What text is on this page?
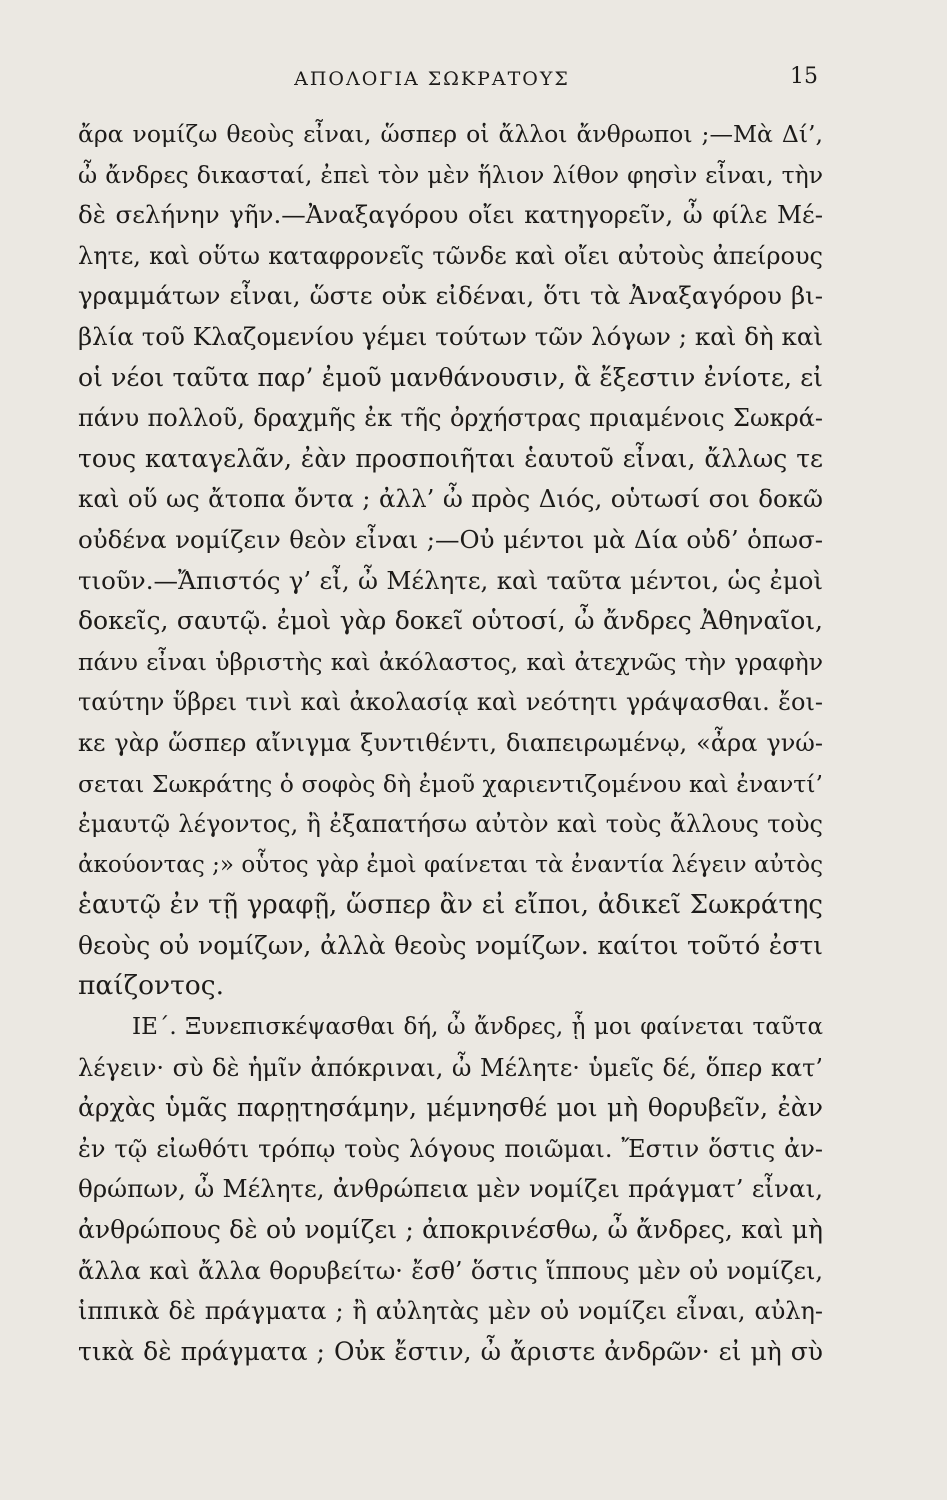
ΑΠΟΛΟΓΙΑ ΣΩΚΡΑΤΟΥΣ	15
ἄρα νομίζω θεοὺς εἶναι, ὥσπερ οἱ ἄλλοι ἄνθρωποι ;—Μὰ Δί’,
ὦ ἄνδρες δικασταί, ἐπεὶ τὸν μὲν ἥλιον λίθον φησὶν εἶναι, τὴν
δὲ σελήνην γῆν.—Ἀναξαγόρου οἴει κατηγορεῖν, ὦ φίλε Μέ-
λητε, καὶ οὕτω καταφρονεῖς τῶνδε καὶ οἴει αὐτοὺς ἀπείρους
γραμμάτων εἶναι, ὥστε οὐκ εἰδέναι, ὅτι τὰ Ἀναξαγόρου βι-
βλία τοῦ Κλαζομενίου γέμει τούτων τῶν λόγων ; καὶ δὴ καὶ
οἱ νέοι ταῦτα παρ’ ἐμοῦ μανθάνουσιν, ἃ ἔξεστιν ἐνίοτε, εἰ
πάνυ πολλοῦ, δραχμῆς ἐκ τῆς ὀρχήστρας πριαμένοις Σωκρά-
τους καταγελᾶν, ἐὰν προσποιῆται ἑαυτοῦ εἶναι, ἄλλως τε
καὶ οὕ ως ἄτοπα ὄντα ; ἀλλ’ ὦ πρὸς Διός, οὑτωσί σοι δοκῶ
οὐδένα νομίζειν θεὸν εἶναι ;—Οὐ μέντοι μὰ Δία οὐδ’ ὁπωσ-
τιοῦν.—Ἄπιστός γ’ εἶ, ὦ Μέλητε, καὶ ταῦτα μέντοι, ὡς ἐμοὶ
δοκεῖς, σαυτῷ. ἐμοὶ γὰρ δοκεῖ οὑτοσί, ὦ ἄνδρες Ἀθηναῖοι,
πάνυ εἶναι ὑβριστὴς καὶ ἀκόλαστος, καὶ ἀτεχνῶς τὴν γραφὴν
ταύτην ὕβρει τινὶ καὶ ἀκολασίᾳ καὶ νεότητι γράψασθαι. ἔοι-
κε γὰρ ὥσπερ αἴνιγμα ξυντιθέντι, διαπειρωμένῳ, «ἆρα γνώ-
σεται Σωκράτης ὁ σοφὸς δὴ ἐμοῦ χαριεντιζομένου καὶ ἐναντί’
ἐμαυτῷ λέγοντος, ἢ ἐξαπατήσω αὐτὸν καὶ τοὺς ἄλλους τοὺς
ἀκούοντας ;» οὗτος γὰρ ἐμοὶ φαίνεται τὰ ἐναντία λέγειν αὐτὸς
ἑαυτῷ ἐν τῇ γραφῇ, ὥσπερ ἂν εἰ εἴποι, ἀδικεῖ Σωκράτης
θεοὺς οὐ νομίζων, ἀλλὰ θεοὺς νομίζων. καίτοι τοῦτό ἐστι
παίζοντος.
ΙΕ΄. Ξυνεπισκέψασθαι δή, ὦ ἄνδρες, ᾗ μοι φαίνεται ταῦτα
λέγειν· σὺ δὲ ἡμῖν ἀπόκριναι, ὦ Μέλητε· ὑμεῖς δέ, ὅπερ κατ’
ἀρχὰς ὑμᾶς παρῃτησάμην, μέμνησθέ μοι μὴ θορυβεῖν, ἐὰν
ἐν τῷ εἰωθότι τρόπῳ τοὺς λόγους ποιῶμαι. Ἔστιν ὅστις ἀν-
θρώπων, ὦ Μέλητε, ἀνθρώπεια μὲν νομίζει πράγματ’ εἶναι,
ἀνθρώπους δὲ οὐ νομίζει ; ἀποκρινέσθω, ὦ ἄνδρες, καὶ μὴ
ἄλλα καὶ ἄλλα θορυβείτω· ἔσθ’ ὅστις ἵππους μὲν οὐ νομίζει,
ἱππικὰ δὲ πράγματα ; ἢ αὐλητὰς μὲν οὐ νομίζει εἶναι, αὐλη-
τικὰ δὲ πράγματα ; Οὐκ ἔστιν, ὦ ἄριστε ἀνδρῶν· εἰ μὴ σὺ
